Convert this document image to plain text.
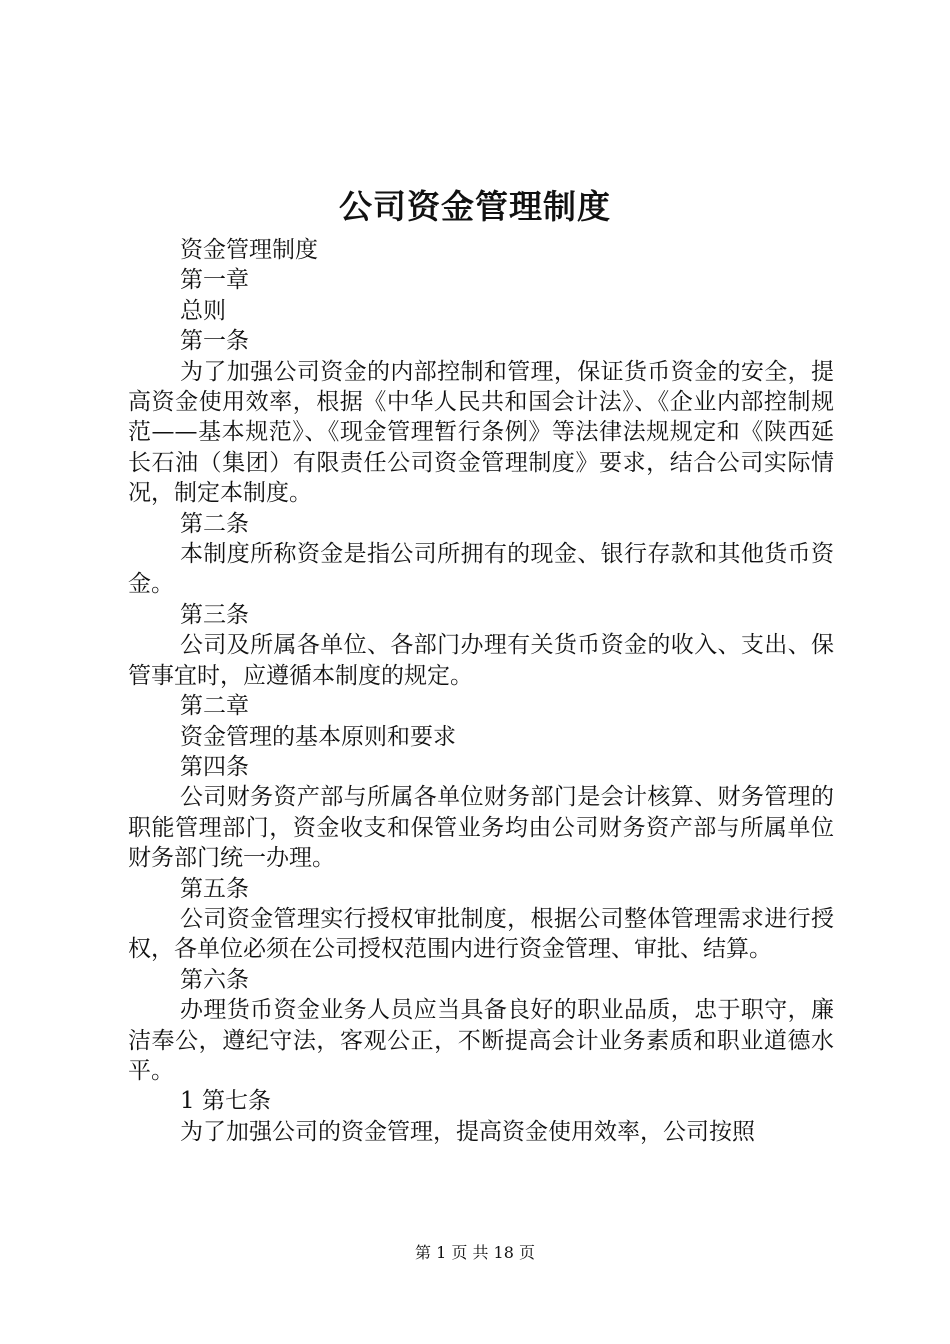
公司资金管理制度
资金管理制度
第一章
总则
第一条

为了加强公司资金的内部控制和管理，保证货币资金的安全，提高资金使用效率，根据《中华人民共和国会计法》、《企业内部控制规范——基本规范》、《现金管理暂行条例》等法律法规规定和《陕西延长石油（集团）有限责任公司资金管理制度》要求，结合公司实际情况，制定本制度。

第二条

本制度所称资金是指公司所拥有的现金、银行存款和其他货币资金。

第三条

公司及所属各单位、各部门办理有关货币资金的收入、支出、保管事宜时，应遵循本制度的规定。

第二章
资金管理的基本原则和要求
第四条

公司财务资产部与所属各单位财务部门是会计核算、财务管理的职能管理部门，资金收支和保管业务均由公司财务资产部与所属单位财务部门统一办理。

第五条

公司资金管理实行授权审批制度，根据公司整体管理需求进行授权，各单位必须在公司授权范围内进行资金管理、审批、结算。

第六条

办理货币资金业务人员应当具备良好的职业品质，忠于职守，廉洁奉公，遵纪守法，客观公正，不断提高会计业务素质和职业道德水平。

1 第七条

为了加强公司的资金管理，提高资金使用效率，公司按照

第 1 页 共 18 页
